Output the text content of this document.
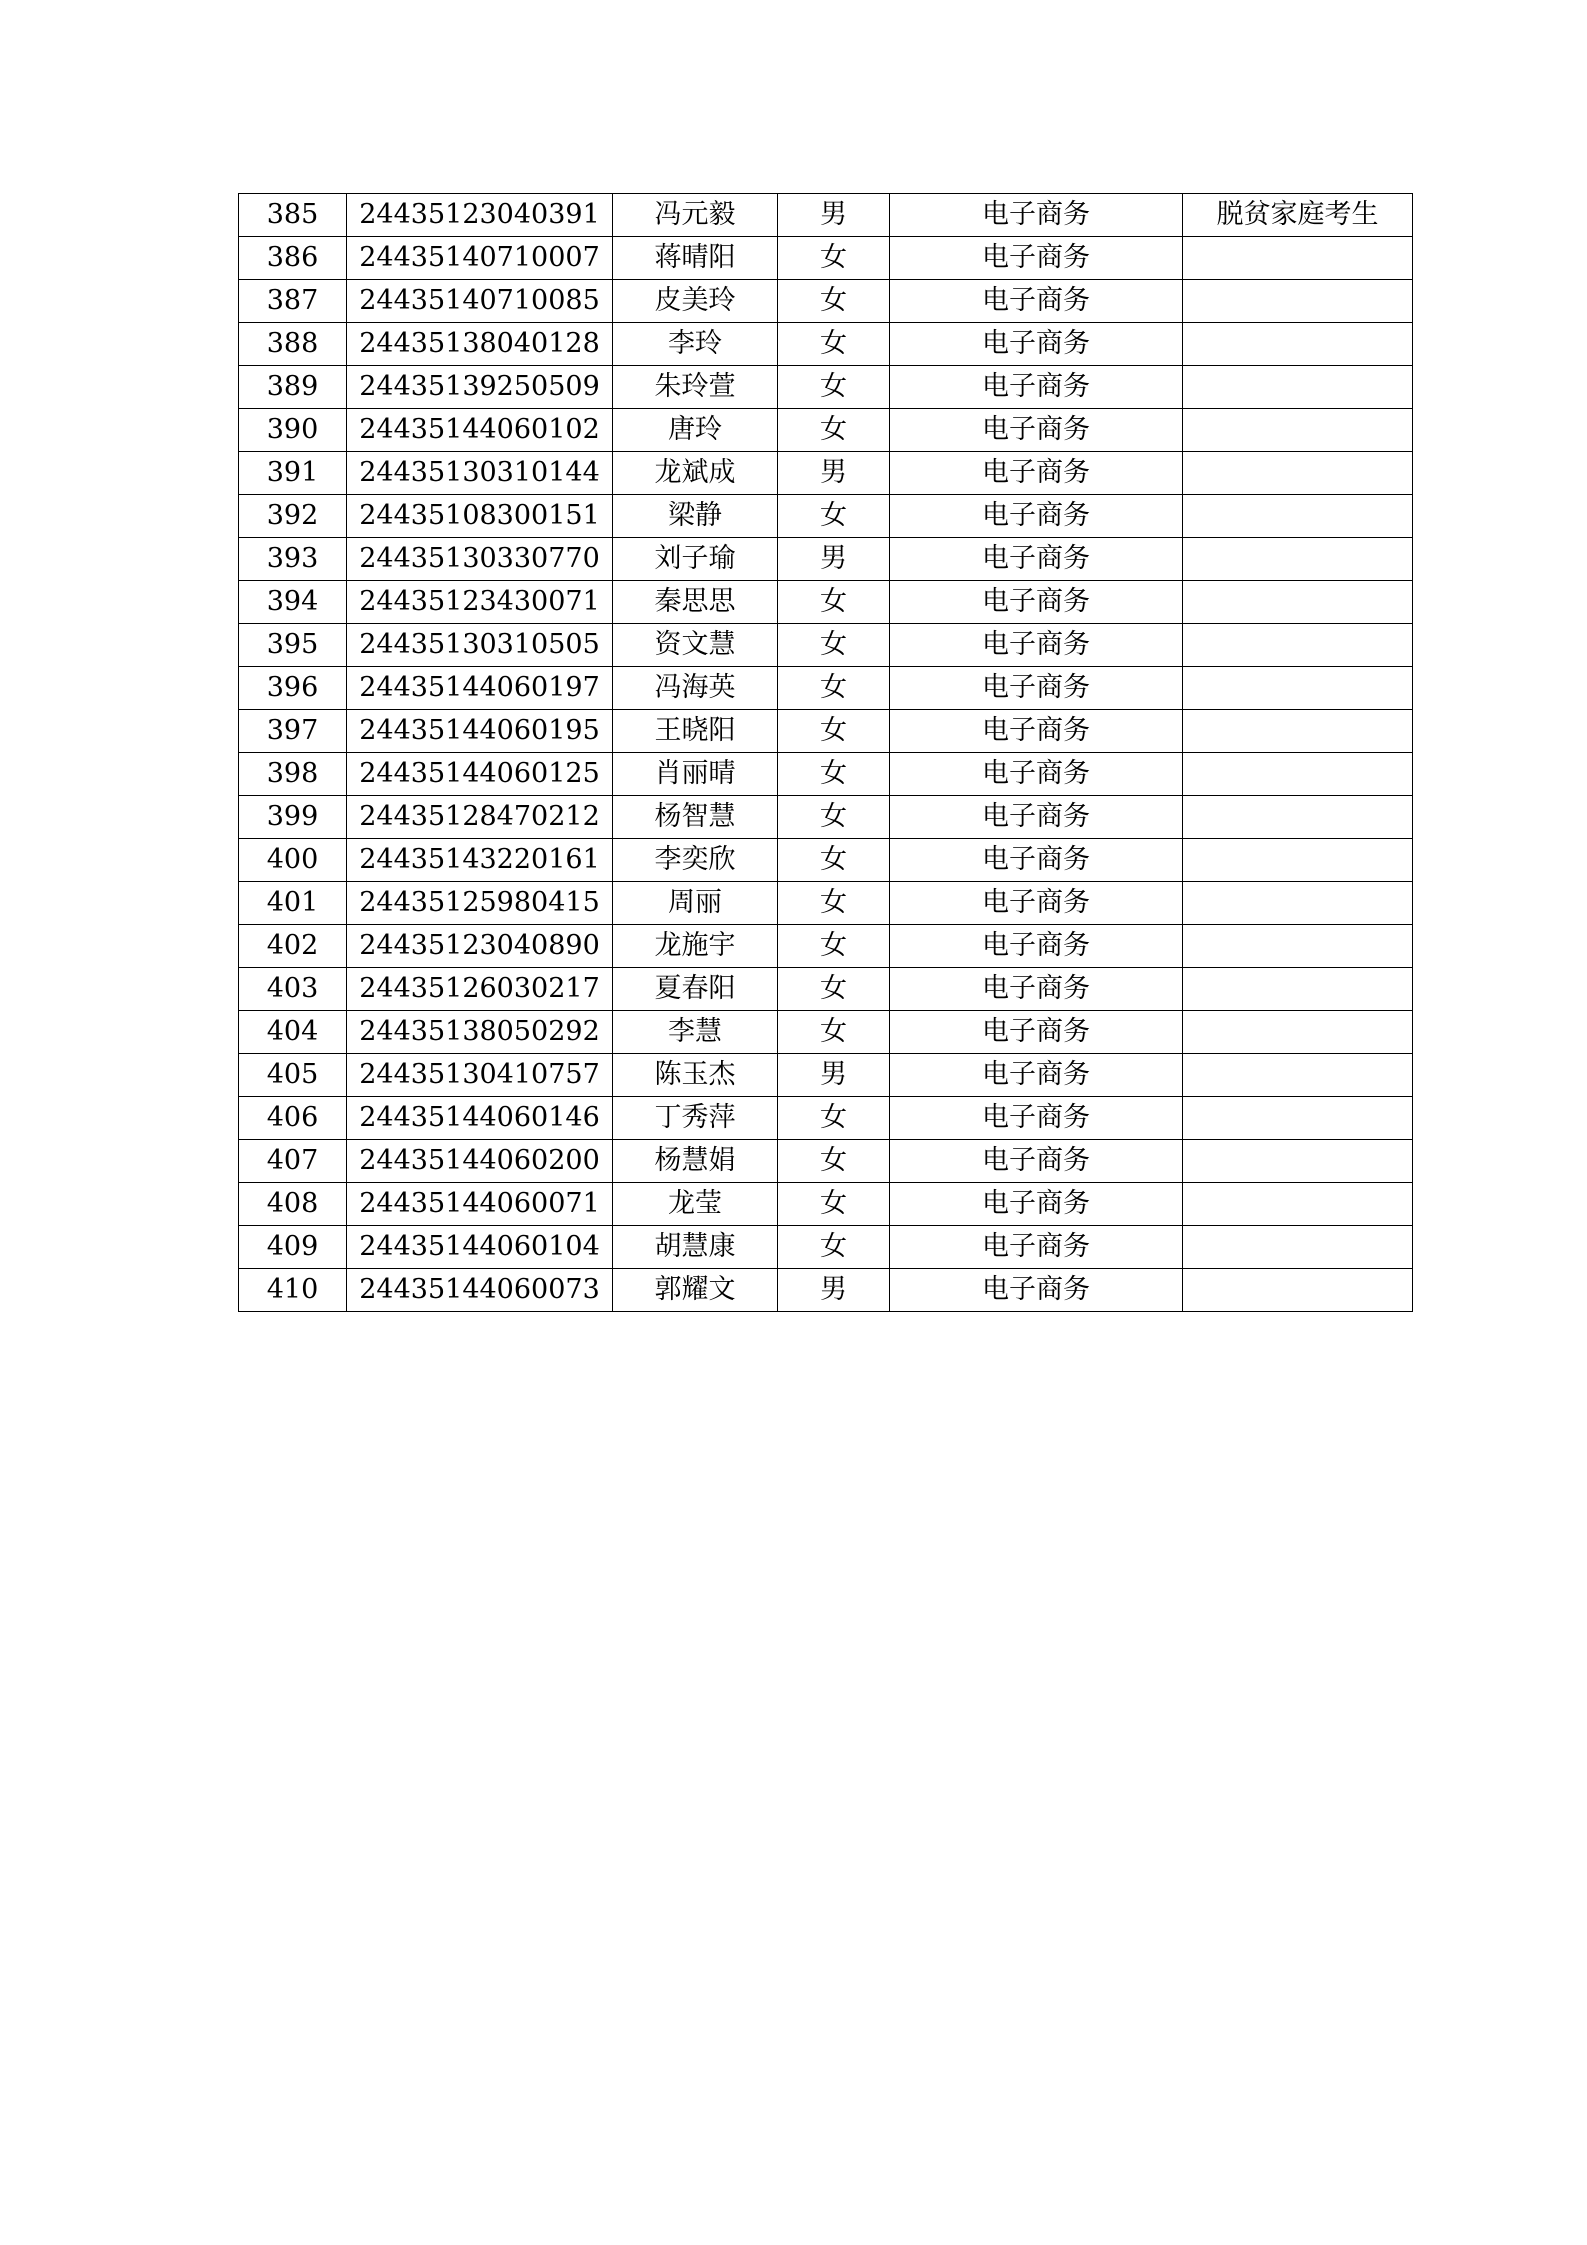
385	24435123040391	冯元毅	男	电子商务	脱贫家庭考生
386	24435140710007	蒋晴阳	女	电子商务	
387	24435140710085	皮美玲	女	电子商务	
388	24435138040128	李玲	女	电子商务	
389	24435139250509	朱玲萱	女	电子商务	
390	24435144060102	唐玲	女	电子商务	
391	24435130310144	龙斌成	男	电子商务	
392	24435108300151	梁静	女	电子商务	
393	24435130330770	刘子瑜	男	电子商务	
394	24435123430071	秦思思	女	电子商务	
395	24435130310505	资文慧	女	电子商务	
396	24435144060197	冯海英	女	电子商务	
397	24435144060195	王晓阳	女	电子商务	
398	24435144060125	肖丽晴	女	电子商务	
399	24435128470212	杨智慧	女	电子商务	
400	24435143220161	李奕欣	女	电子商务	
401	24435125980415	周丽	女	电子商务	
402	24435123040890	龙施宇	女	电子商务	
403	24435126030217	夏春阳	女	电子商务	
404	24435138050292	李慧	女	电子商务	
405	24435130410757	陈玉杰	男	电子商务	
406	24435144060146	丁秀萍	女	电子商务	
407	24435144060200	杨慧娟	女	电子商务	
408	24435144060071	龙莹	女	电子商务	
409	24435144060104	胡慧康	女	电子商务	
410	24435144060073	郭耀文	男	电子商务	
